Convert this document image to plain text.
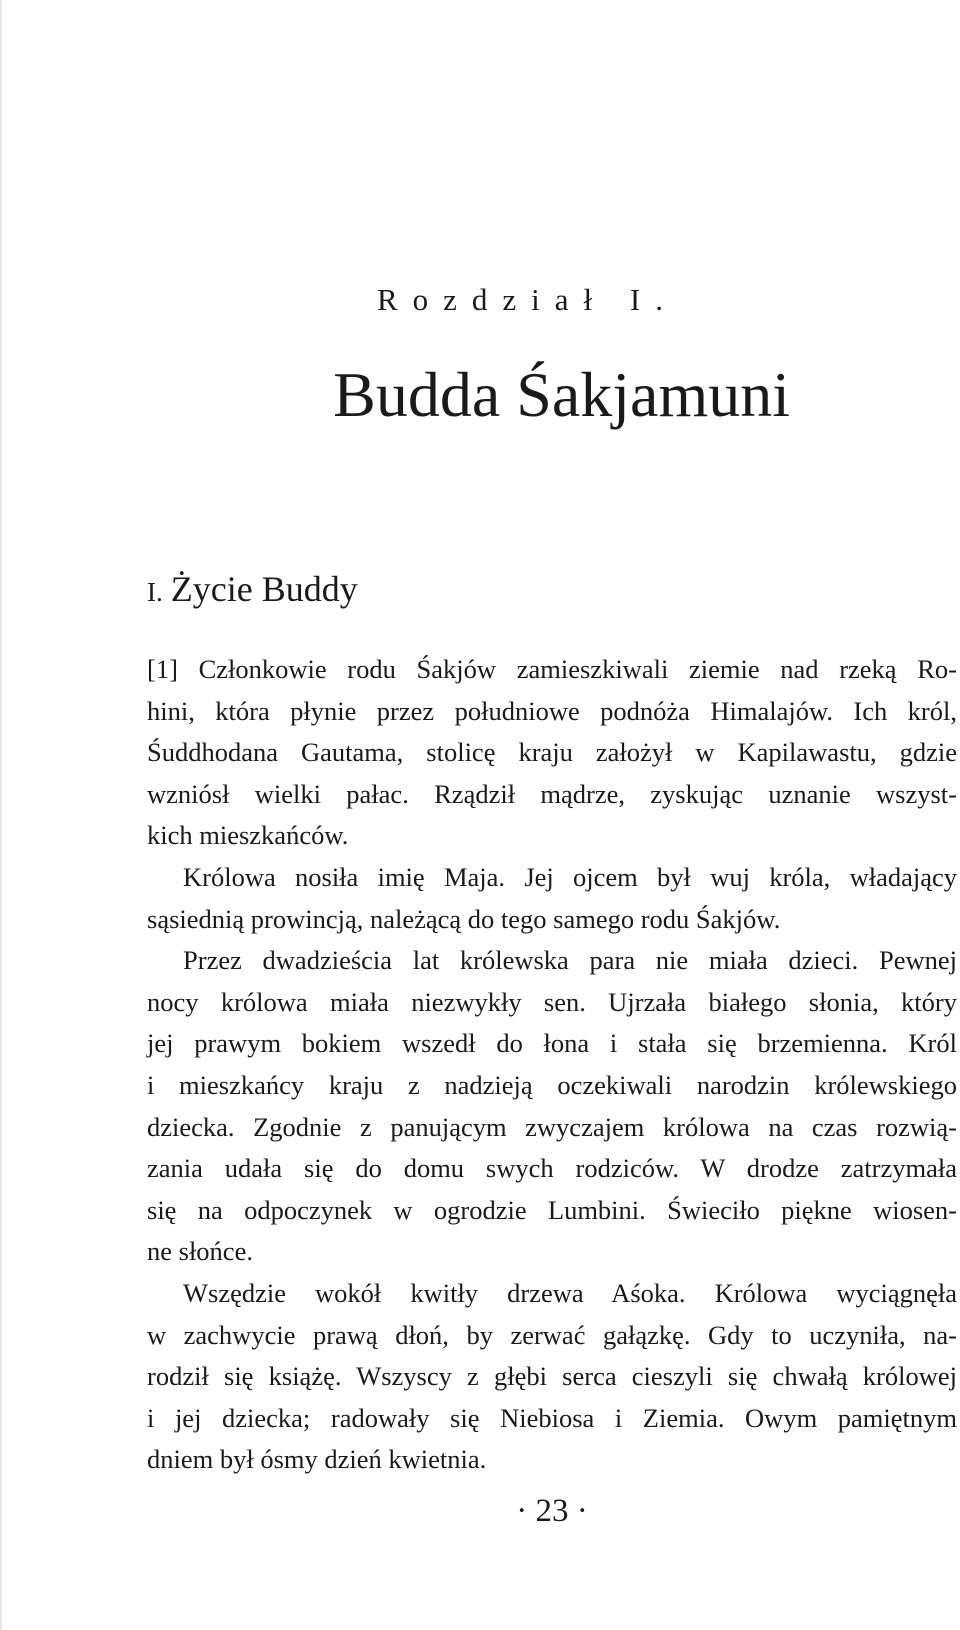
Rozdział I.
Budda Śakjamuni
I. Życie Buddy
[1] Członkowie rodu Śakjów zamieszkiwali ziemie nad rzeką Ro-
hini, która płynie przez południowe podnóża Himalajów. Ich król,
Śuddhodana Gautama, stolicę kraju założył w Kapilawastu, gdzie
wzniósł wielki pałac. Rządził mądrze, zyskując uznanie wszyst-
kich mieszkańców.
Królowa nosiła imię Maja. Jej ojcem był wuj króla, władający
sąsiednią prowincją, należącą do tego samego rodu Śakjów.
Przez dwadzieścia lat królewska para nie miała dzieci. Pewnej
nocy królowa miała niezwykły sen. Ujrzała białego słonia, który
jej prawym bokiem wszedł do łona i stała się brzemienna. Król
i mieszkańcy kraju z nadzieją oczekiwali narodzin królewskiego
dziecka. Zgodnie z panującym zwyczajem królowa na czas rozwią-
zania udała się do domu swych rodziców. W drodze zatrzymała
się na odpoczynek w ogrodzie Lumbini. Świeciło piękne wiosen-
ne słońce.
Wszędzie wokół kwitły drzewa Aśoka. Królowa wyciągnęła
w zachwycie prawą dłoń, by zerwać gałązkę. Gdy to uczyniła, na-
rodził się książę. Wszyscy z głębi serca cieszyli się chwałą królowej
i jej dziecka; radowały się Niebiosa i Ziemia. Owym pamiętnym
dniem był ósmy dzień kwietnia.
· 23 ·
